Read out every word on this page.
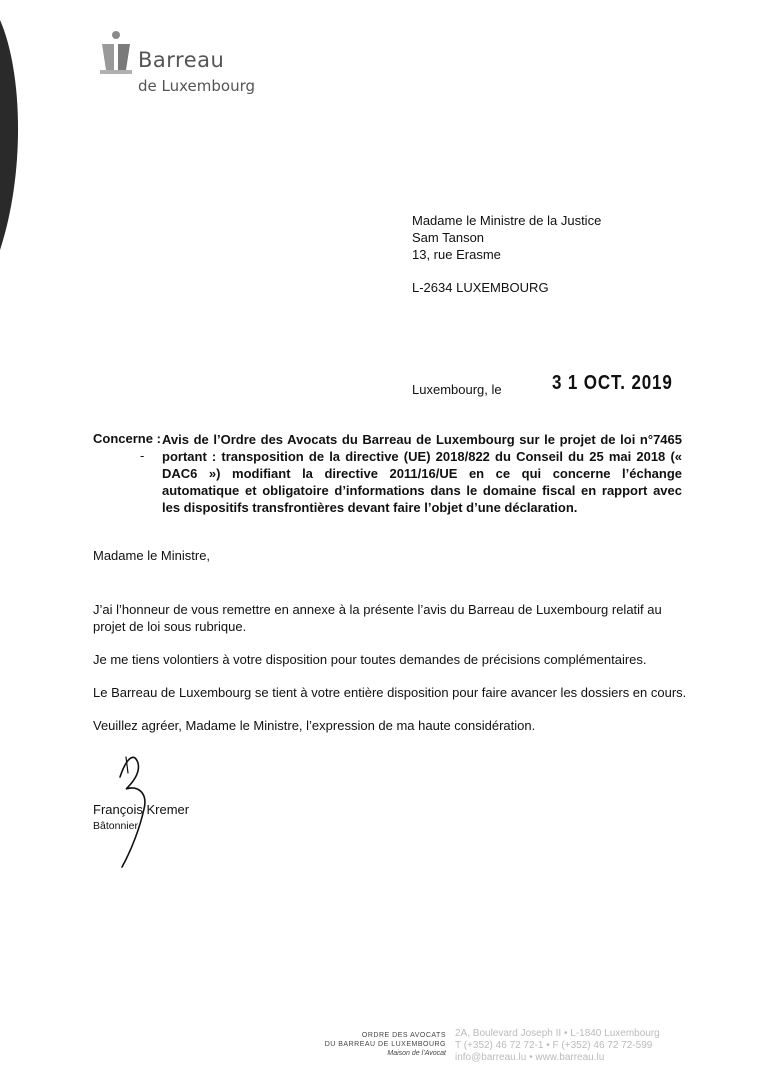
Barreau
de Luxembourg
Madame le Ministre de la Justice
Sam Tanson
13, rue Erasme
L-2634 LUXEMBOURG
Luxembourg, le	3 1 OCT. 2019
Concerne :
-
Avis de l’Ordre des Avocats du Barreau de Luxembourg sur le projet de loi n°7465 portant : transposition de la directive (UE) 2018/822 du Conseil du 25 mai 2018 (« DAC6 ») modifiant la directive 2011/16/UE en ce qui concerne l’échange automatique et obligatoire d’informations dans le domaine fiscal en rapport avec les dispositifs transfrontières devant faire l’objet d’une déclaration.
Madame le Ministre,
J’ai l’honneur de vous remettre en annexe à la présente l’avis du Barreau de Luxembourg relatif au projet de loi sous rubrique.
Je me tiens volontiers à votre disposition pour toutes demandes de précisions complémentaires.
Le Barreau de Luxembourg se tient à votre entière disposition pour faire avancer les dossiers en cours.
Veuillez agréer, Madame le Ministre, l’expression de ma haute considération.
François Kremer
Bâtonnier
ORDRE DES AVOCATS
DU BARREAU DE LUXEMBOURG
Maison de l’Avocat
2A, Boulevard Joseph II • L-1840 Luxembourg
T (+352) 46 72 72-1 • F (+352) 46 72 72-599
info@barreau.lu • www.barreau.lu
